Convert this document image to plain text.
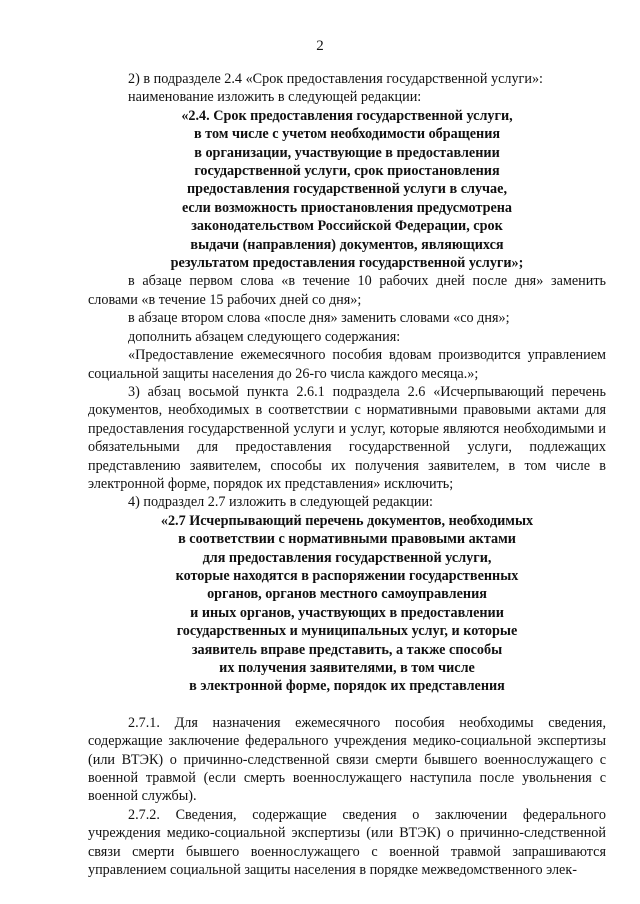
2

2) в подразделе 2.4 «Срок предоставления государственной услуги»:

наименование изложить в следующей редакции:

«2.4. Срок предоставления государственной услуги,
в том числе с учетом необходимости обращения
в организации, участвующие в предоставлении
государственной услуги, срок приостановления
предоставления государственной услуги в случае,
если возможность приостановления предусмотрена
законодательством Российской Федерации, срок
выдачи (направления) документов, являющихся
результатом предоставления государственной услуги»;

в абзаце первом слова «в течение 10 рабочих дней после дня» заменить словами «в течение 15 рабочих дней со дня»;

в абзаце втором слова «после дня» заменить словами «со дня»;

дополнить абзацем следующего содержания:

«Предоставление ежемесячного пособия вдовам производится управлением социальной защиты населения до 26-го числа каждого месяца.»;

3) абзац восьмой пункта 2.6.1 подраздела 2.6 «Исчерпывающий перечень документов, необходимых в соответствии с нормативными правовыми актами для предоставления государственной услуги и услуг, которые являются необходимыми и обязательными для предоставления государственной услуги, подлежащих представлению заявителем, способы их получения заявителем, в том числе в электронной форме, порядок их представления» исключить;

4) подраздел 2.7 изложить в следующей редакции:

«2.7 Исчерпывающий перечень документов, необходимых
в соответствии с нормативными правовыми актами
для предоставления государственной услуги,
которые находятся в распоряжении государственных
органов, органов местного самоуправления
и иных органов, участвующих в предоставлении
государственных и муниципальных услуг, и которые
заявитель вправе представить, а также способы
их получения заявителями, в том числе
в электронной форме, порядок их представления

2.7.1. Для назначения ежемесячного пособия необходимы сведения, содержащие заключение федерального учреждения медико-социальной экспертизы (или ВТЭК) о причинно-следственной связи смерти бывшего военнослужащего с военной травмой (если смерть военнослужащего наступила после увольнения с военной службы).

2.7.2. Сведения, содержащие сведения о заключении федерального учреждения медико-социальной экспертизы (или ВТЭК) о причинно-следственной связи смерти бывшего военнослужащего с военной травмой запрашиваются управлением социальной защиты населения в порядке межведомственного элек-
